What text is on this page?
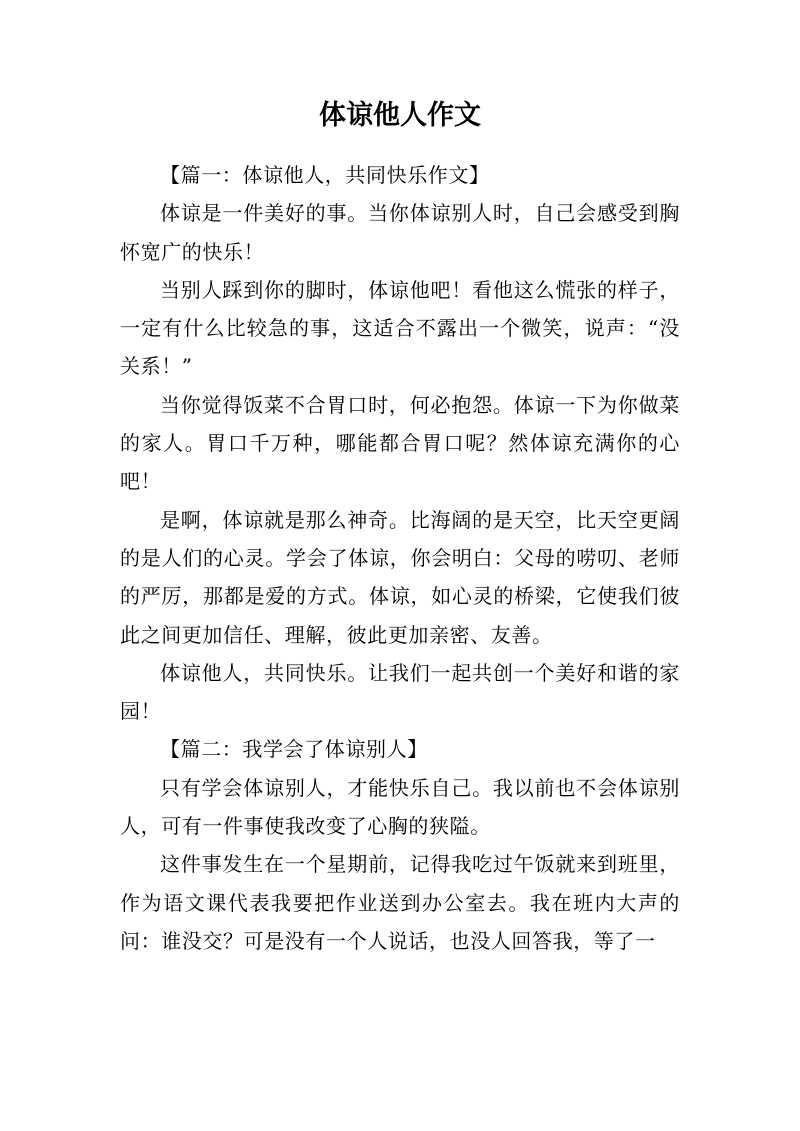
体谅他人作文

【篇一：体谅他人，共同快乐作文】

体谅是一件美好的事。当你体谅别人时，自己会感受到胸怀宽广的快乐！

当别人踩到你的脚时，体谅他吧！看他这么慌张的样子，一定有什么比较急的事，这适合不露出一个微笑，说声：“没关系！”

当你觉得饭菜不合胃口时，何必抱怨。体谅一下为你做菜的家人。胃口千万种，哪能都合胃口呢？然体谅充满你的心吧！

是啊，体谅就是那么神奇。比海阔的是天空，比天空更阔的是人们的心灵。学会了体谅，你会明白：父母的唠叨、老师的严厉，那都是爱的方式。体谅，如心灵的桥梁，它使我们彼此之间更加信任、理解，彼此更加亲密、友善。

体谅他人，共同快乐。让我们一起共创一个美好和谐的家园！

【篇二：我学会了体谅别人】

只有学会体谅别人，才能快乐自己。我以前也不会体谅别人，可有一件事使我改变了心胸的狭隘。

这件事发生在一个星期前，记得我吃过午饭就来到班里，作为语文课代表我要把作业送到办公室去。我在班内大声的问：谁没交？可是没有一个人说话，也没人回答我，等了一
